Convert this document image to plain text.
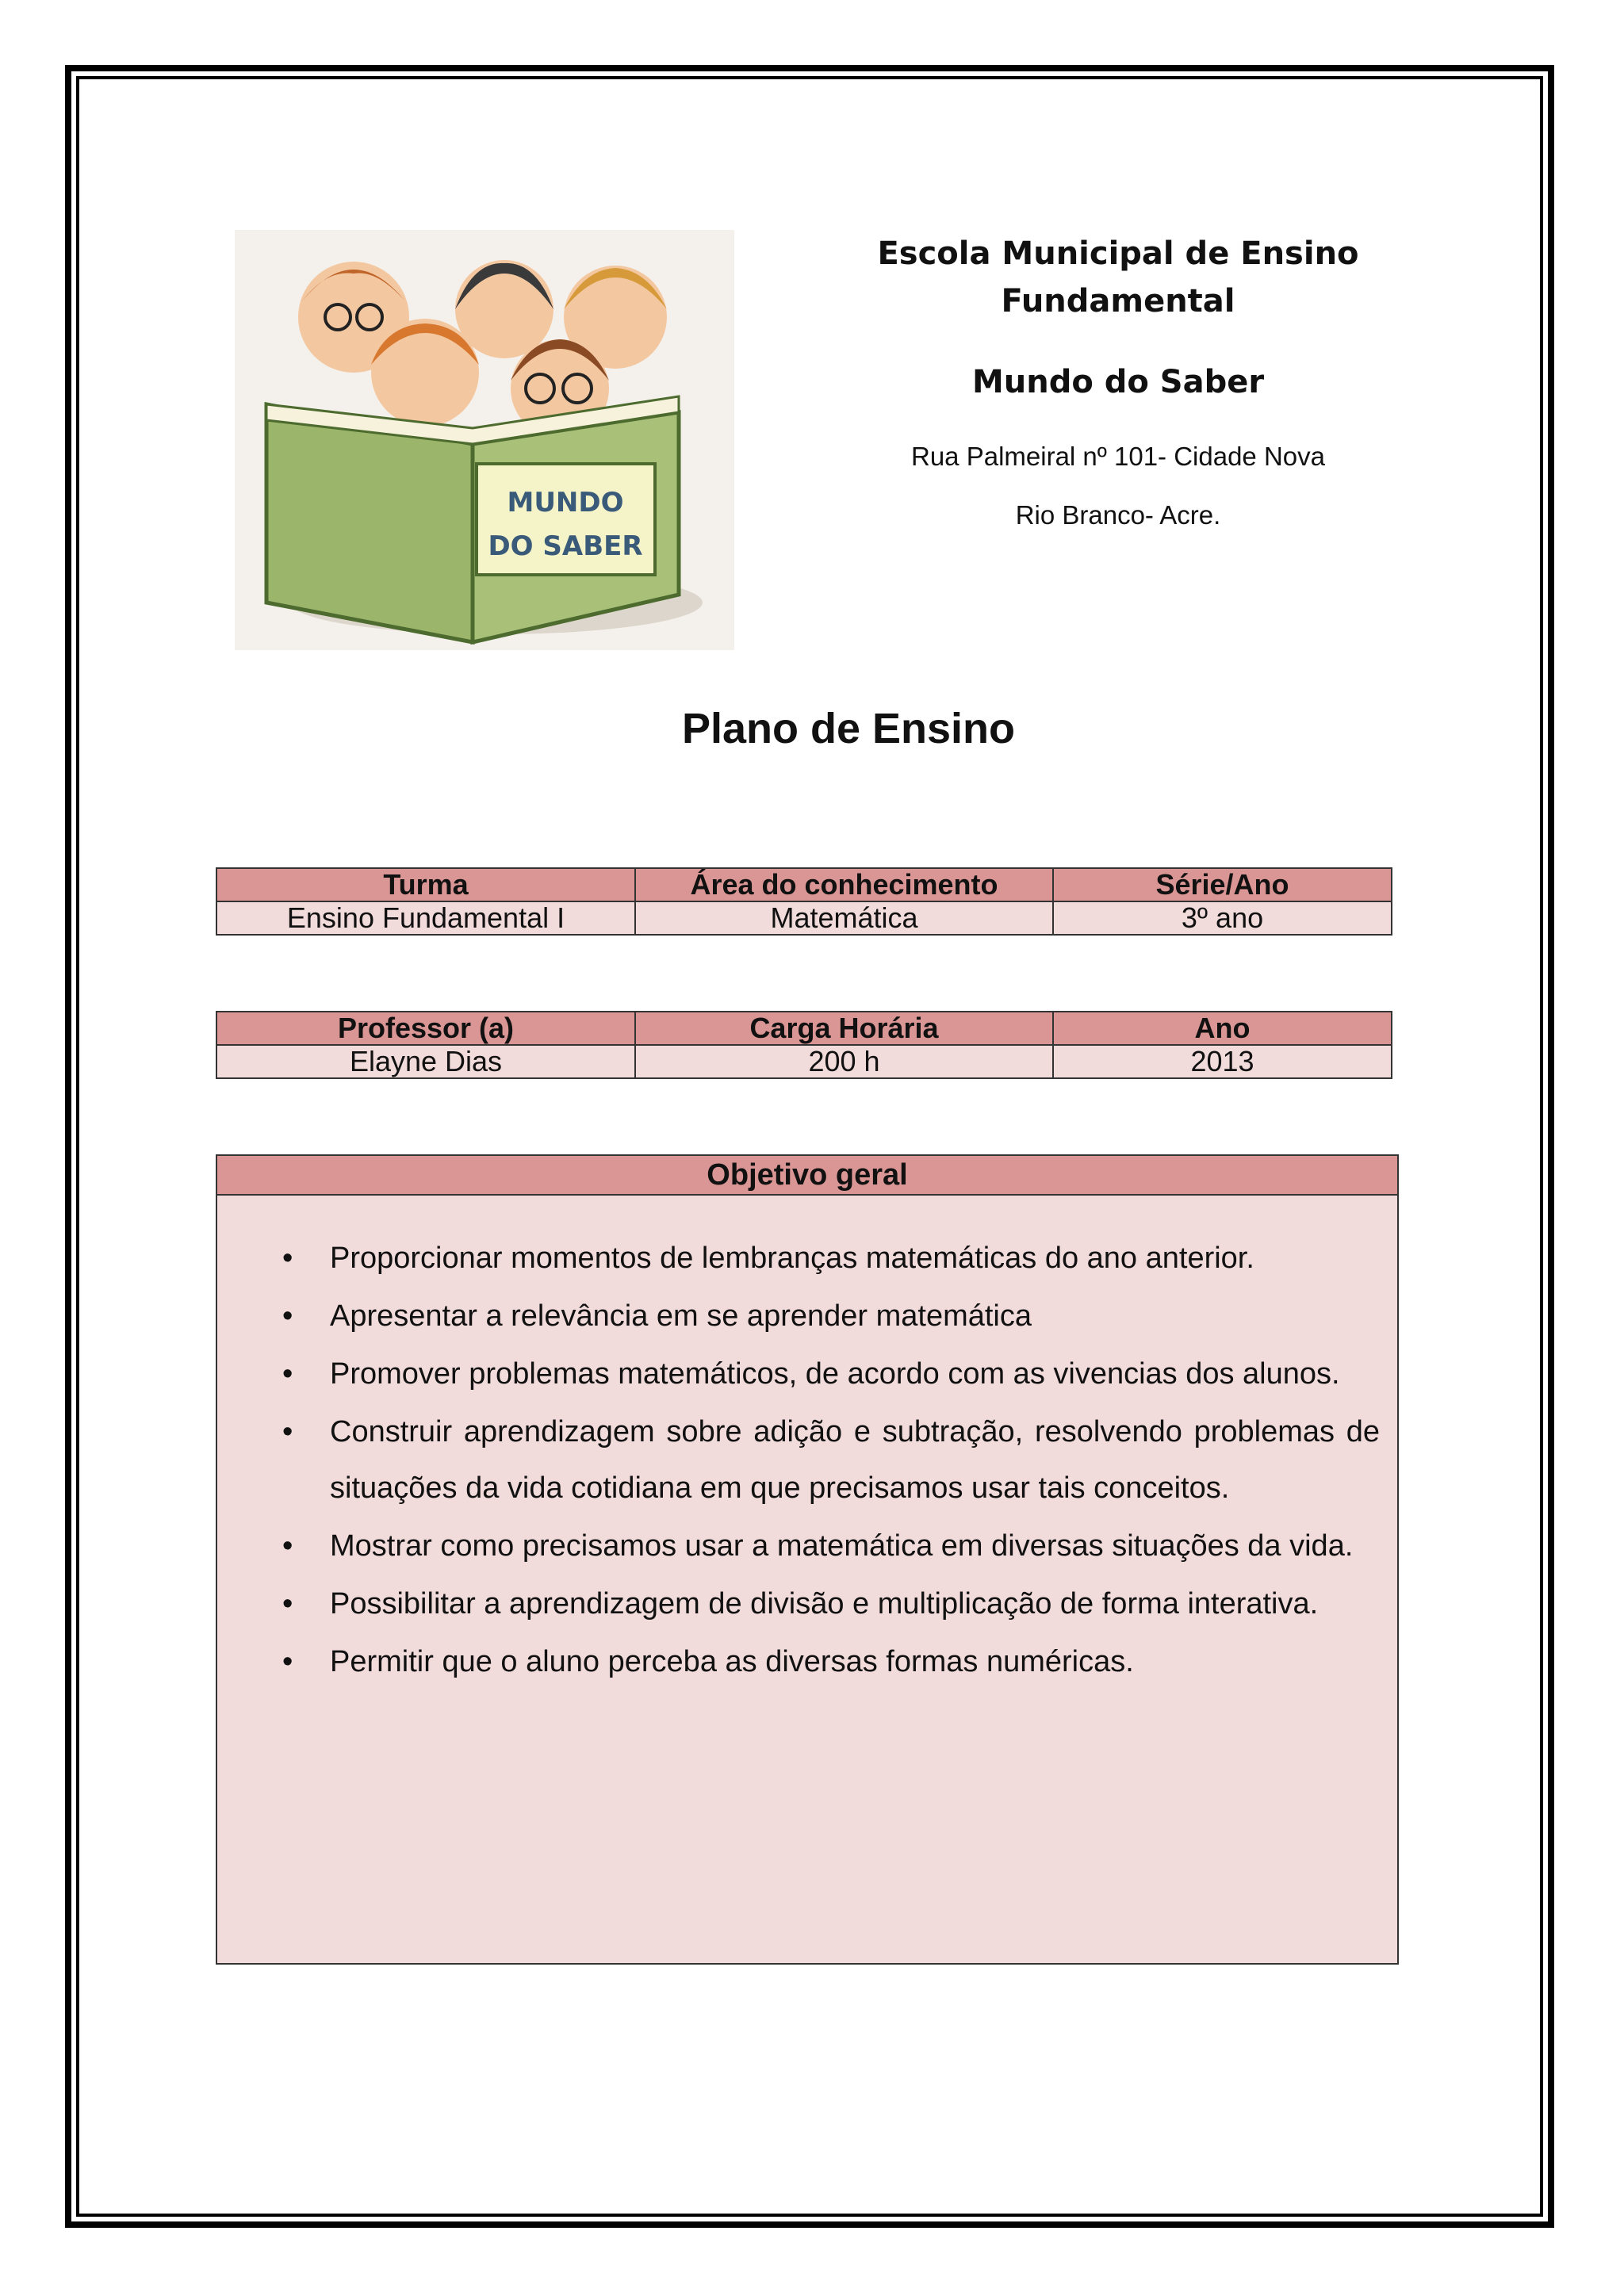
MUNDO
DO SABER

Escola Municipal de Ensino Fundamental

Mundo do Saber

Rua Palmeiral nº 101- Cidade Nova

Rio Branco- Acre.

Plano de Ensino
Turma	Área do conhecimento	Série/Ano
Ensino Fundamental I	Matemática	3º ano
Professor (a)	Carga Horária	Ano
Elayne Dias	200 h	2013
Objetivo geral
• Proporcionar momentos de lembranças matemáticas do ano anterior.
• Apresentar a relevância em se aprender matemática
• Promover problemas matemáticos, de acordo com as vivencias dos alunos.
• Construir aprendizagem sobre adição e subtração, resolvendo problemas de situações da vida cotidiana em que precisamos usar tais conceitos.
• Mostrar como precisamos usar a matemática em diversas situações da vida.
• Possibilitar a aprendizagem de divisão e multiplicação de forma interativa.
• Permitir que o aluno perceba as diversas formas numéricas.
